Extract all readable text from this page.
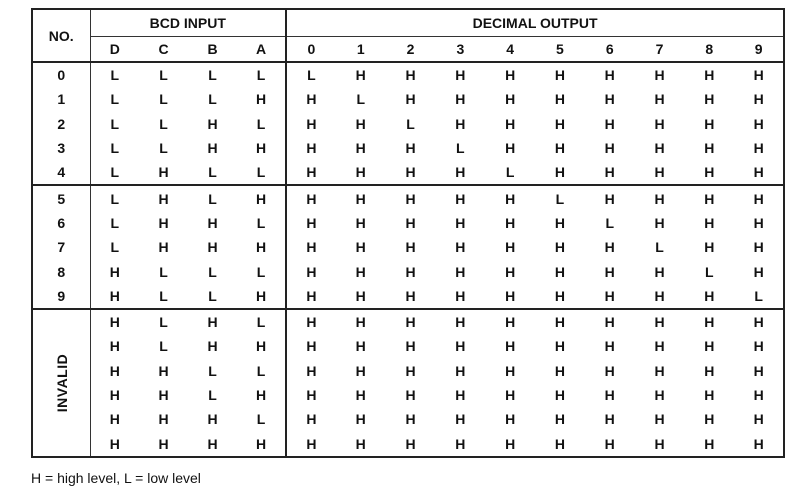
NO.	BCD INPUT				DECIMAL OUTPUT									
	D	C	B	A	0	1	2	3	4	5	6	7	8	9
0	L	L	L	L	L	H	H	H	H	H	H	H	H	H
1	L	L	L	H	H	L	H	H	H	H	H	H	H	H
2	L	L	H	L	H	H	L	H	H	H	H	H	H	H
3	L	L	H	H	H	H	H	L	H	H	H	H	H	H
4	L	H	L	L	H	H	H	H	L	H	H	H	H	H
5	L	H	L	H	H	H	H	H	H	L	H	H	H	H
6	L	H	H	L	H	H	H	H	H	H	L	H	H	H
7	L	H	H	H	H	H	H	H	H	H	H	L	H	H
8	H	L	L	L	H	H	H	H	H	H	H	H	L	H
9	H	L	L	H	H	H	H	H	H	H	H	H	H	L
INVALID	H	L	H	L	H	H	H	H	H	H	H	H	H	H
	H	L	H	H	H	H	H	H	H	H	H	H	H	H
	H	H	L	L	H	H	H	H	H	H	H	H	H	H
	H	H	L	H	H	H	H	H	H	H	H	H	H	H
	H	H	H	L	H	H	H	H	H	H	H	H	H	H
	H	H	H	H	H	H	H	H	H	H	H	H	H	H
H = high level, L = low level
